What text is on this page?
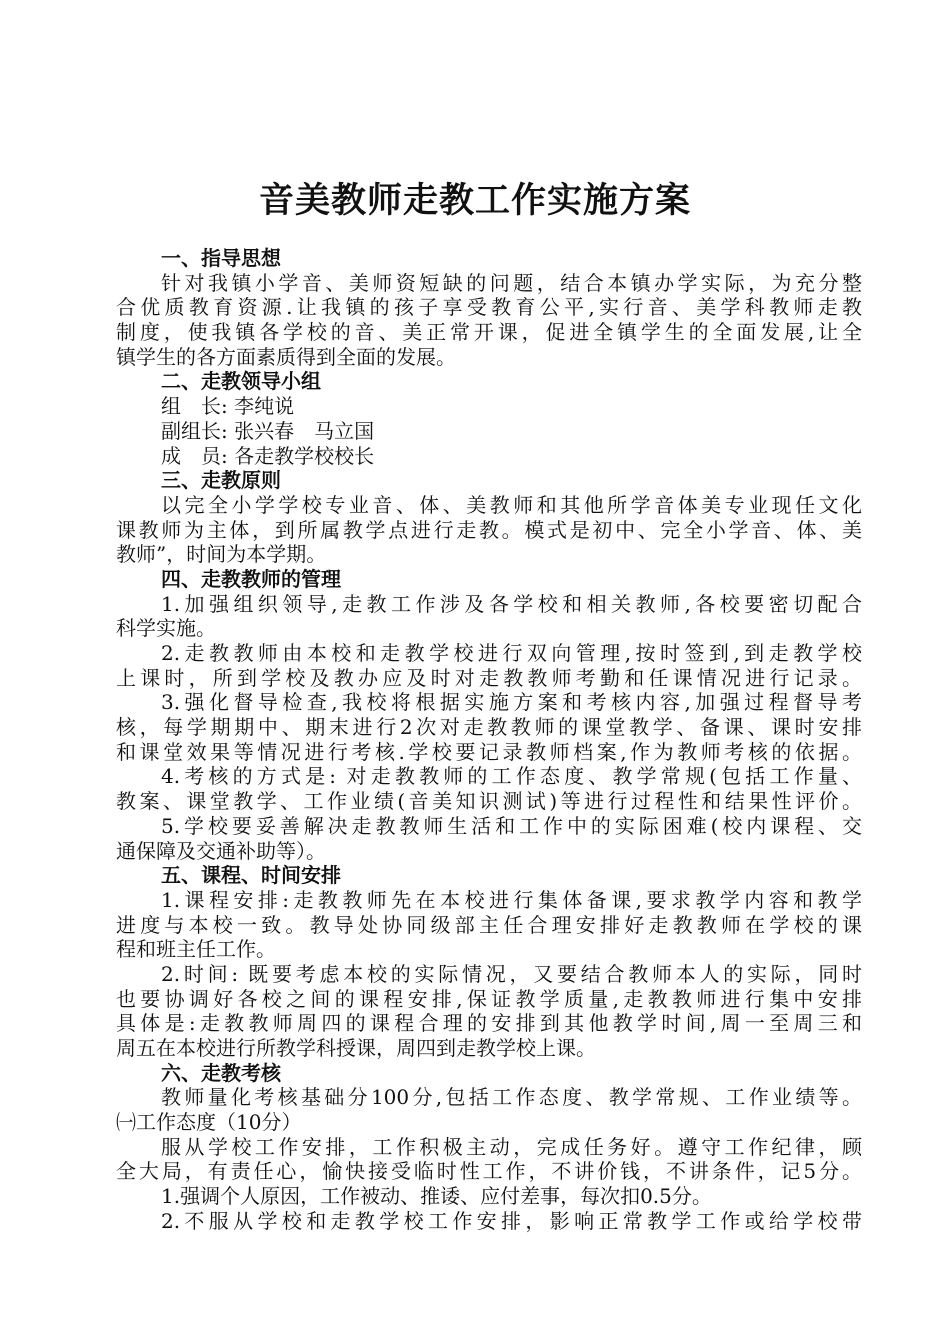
音美教师走教工作实施方案
一、指导思想
针对我镇小学音、美师资短缺的问题，结合本镇办学实际，为充分整
合优质教育资源.让我镇的孩子享受教育公平,实行音、美学科教师走教
制度，使我镇各学校的音、美正常开课，促进全镇学生的全面发展,让全
镇学生的各方面素质得到全面的发展。
二、走教领导小组
组　长: 李纯说
副组长: 张兴春　马立国
成　员: 各走教学校校长
三、走教原则
以完全小学学校专业音、体、美教师和其他所学音体美专业现任文化
课教师为主体，到所属教学点进行走教。模式是初中、完全小学音、体、美
教师”，时间为本学期。
四、走教教师的管理
1.加强组织领导,走教工作涉及各学校和相关教师,各校要密切配合
科学实施。
2.走教教师由本校和走教学校进行双向管理,按时签到,到走教学校
上课时，所到学校及教办应及时对走教教师考勤和任课情况进行记录。
3.强化督导检查,我校将根据实施方案和考核内容,加强过程督导考
核，每学期期中、期末进行2次对走教教师的课堂教学、备课、课时安排
和课堂效果等情况进行考核.学校要记录教师档案,作为教师考核的依据。
4.考核的方式是: 对走教教师的工作态度、教学常规(包括工作量、
教案、课堂教学、工作业绩(音美知识测试)等进行过程性和结果性评价。
5.学校要妥善解决走教教师生活和工作中的实际困难(校内课程、交
通保障及交通补助等）。
五、课程、时间安排
1.课程安排:走教教师先在本校进行集体备课,要求教学内容和教学
进度与本校一致。教导处协同级部主任合理安排好走教教师在学校的课
程和班主任工作。
2.时间: 既要考虑本校的实际情况，又要结合教师本人的实际，同时
也要协调好各校之间的课程安排,保证教学质量,走教教师进行集中安排
具体是:走教教师周四的课程合理的安排到其他教学时间,周一至周三和
周五在本校进行所教学科授课，周四到走教学校上课。
六、走教考核
教师量化考核基础分100分,包括工作态度、教学常规、工作业绩等。
㈠工作态度（10分）
服从学校工作安排，工作积极主动，完成任务好。遵守工作纪律，顾
全大局，有责任心，愉快接受临时性工作，不讲价钱，不讲条件，记5分。
1.强调个人原因，工作被动、推诿、应付差事，每次扣0.5分。
2.不服从学校和走教学校工作安排，影响正常教学工作或给学校带
